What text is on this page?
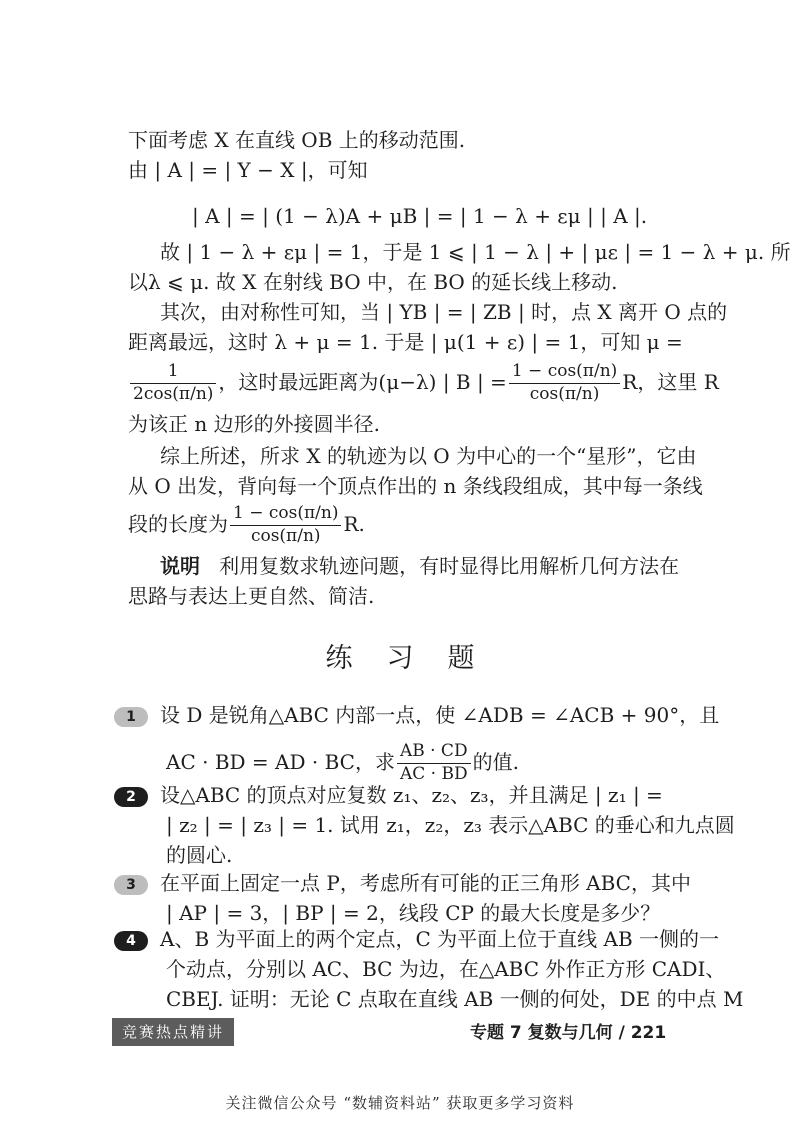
下面考虑 X 在直线 OB 上的移动范围.
由 | A | = | Y − X |，可知
| A | = | (1 − λ)A + μB | = | 1 − λ + εμ | | A |.
故 | 1 − λ + εμ | = 1，于是 1 ⩽ | 1 − λ | + | με | = 1 − λ + μ. 所
以λ ⩽ μ. 故 X 在射线 BO 中，在 BO 的延长线上移动.
其次，由对称性可知，当 | YB | = | ZB | 时，点 X 离开 O 点的
距离最远，这时 λ + μ = 1. 于是 | μ(1 + ε) | = 1，可知 μ =
$\frac{1}{2\cos(\pi/n)}$ ，这时最远距离为(μ−λ) | B | = $\frac{1 - \cos(\pi/n)}{\cos(\pi/n)}$ R，这里 R
为该正 n 边形的外接圆半径.
综上所述，所求 X 的轨迹为以 O 为中心的一个“星形”，它由
从 O 出发，背向每一个顶点作出的 n 条线段组成，其中每一条线
段的长度为 $\frac{1 - \cos(\pi/n)}{\cos(\pi/n)} R$.
说明 利用复数求轨迹问题，有时显得比用解析几何方法在
思路与表达上更自然、简洁.
练习题
1 设 D 是锐角△ABC 内部一点，使 ∠ADB = ∠ACB + 90°，且
AC · BD = AD · BC，求 $\frac{AB \cdot CD}{AC \cdot BD}$ 的值.
2 设△ABC 的顶点对应复数 z₁、z₂、z₃，并且满足 | z₁ | =
| z₂ | = | z₃ | = 1. 试用 z₁，z₂，z₃ 表示△ABC 的垂心和九点圆
的圆心.
3 在平面上固定一点 P，考虑所有可能的正三角形 ABC，其中
| AP | = 3，| BP | = 2，线段 CP 的最大长度是多少？
4 A、B 为平面上的两个定点，C 为平面上位于直线 AB 一侧的一
个动点，分别以 AC、BC 为边，在△ABC 外作正方形 CADI、
CBEJ. 证明：无论 C 点取在直线 AB 一侧的何处，DE 的中点 M
竞赛热点精讲	专题 7 复数与几何 / 221
关注微信公众号 “数辅资料站” 获取更多学习资料
